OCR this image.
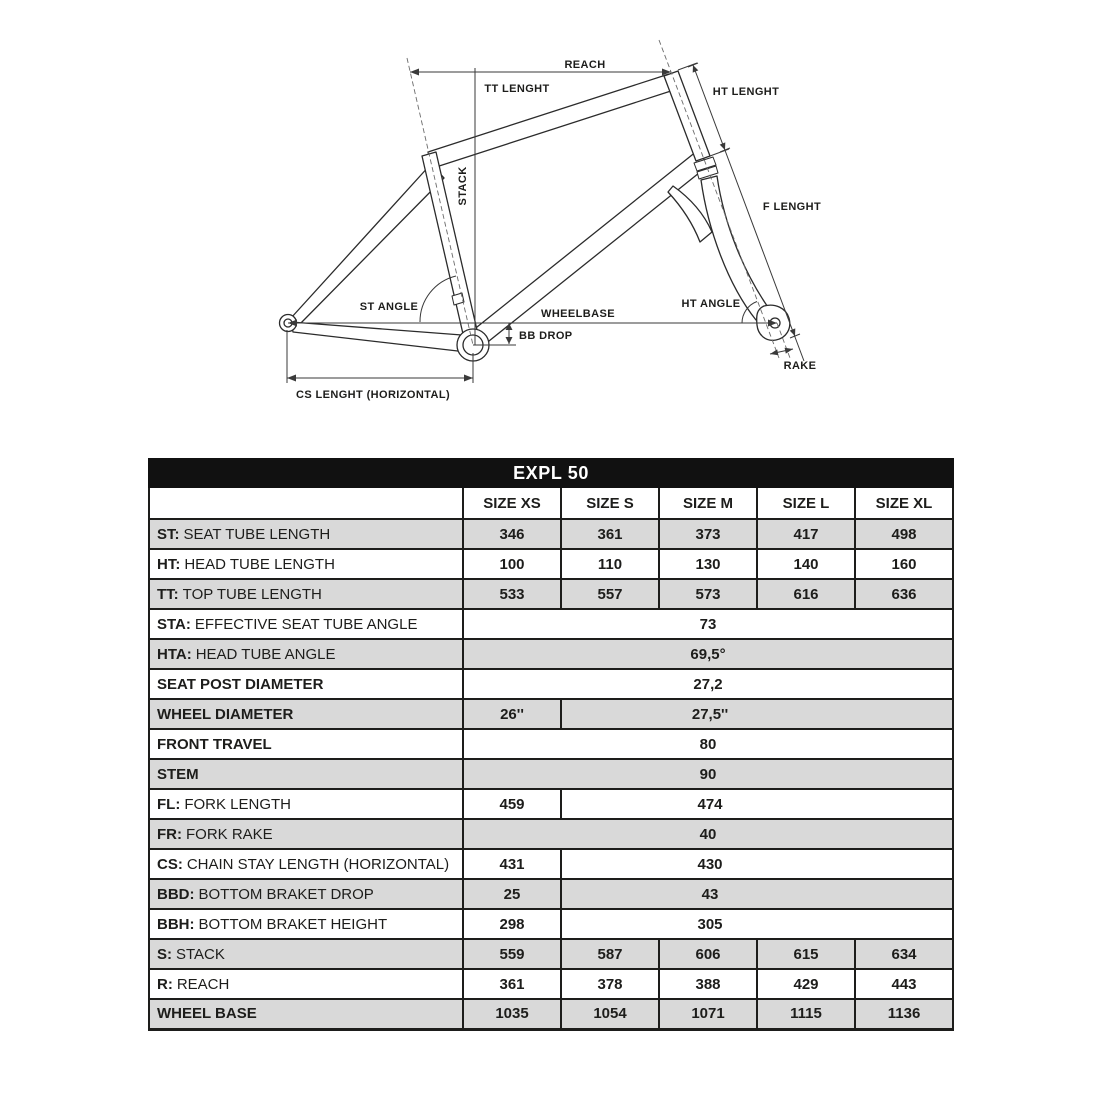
REACH
TT LENGHT	HT LENGHT
STACK
F LENGHT
ST ANGLE	HT ANGLE
WHEELBASE
BB DROP
RAKE
CS LENGHT (HORIZONTAL)
EXPL 50					
	SIZE XS	SIZE S	SIZE M	SIZE L	SIZE XL
ST: SEAT TUBE LENGTH	346	361	373	417	498
HT: HEAD TUBE LENGTH	100	110	130	140	160
TT: TOP TUBE LENGTH	533	557	573	616	636
STA: EFFECTIVE SEAT TUBE ANGLE	73				
HTA: HEAD TUBE ANGLE	69,5°				
SEAT POST DIAMETER	27,2				
WHEEL DIAMETER	26''	27,5''			
FRONT TRAVEL	80				
STEM	90				
FL: FORK LENGTH	459	474			
FR: FORK RAKE	40				
CS: CHAIN STAY LENGTH (HORIZONTAL)	431	430			
BBD: BOTTOM BRAKET DROP	25	43			
BBH: BOTTOM BRAKET HEIGHT	298	305			
S: STACK	559	587	606	615	634
R: REACH	361	378	388	429	443
WHEEL BASE	1035	1054	1071	1115	1136
